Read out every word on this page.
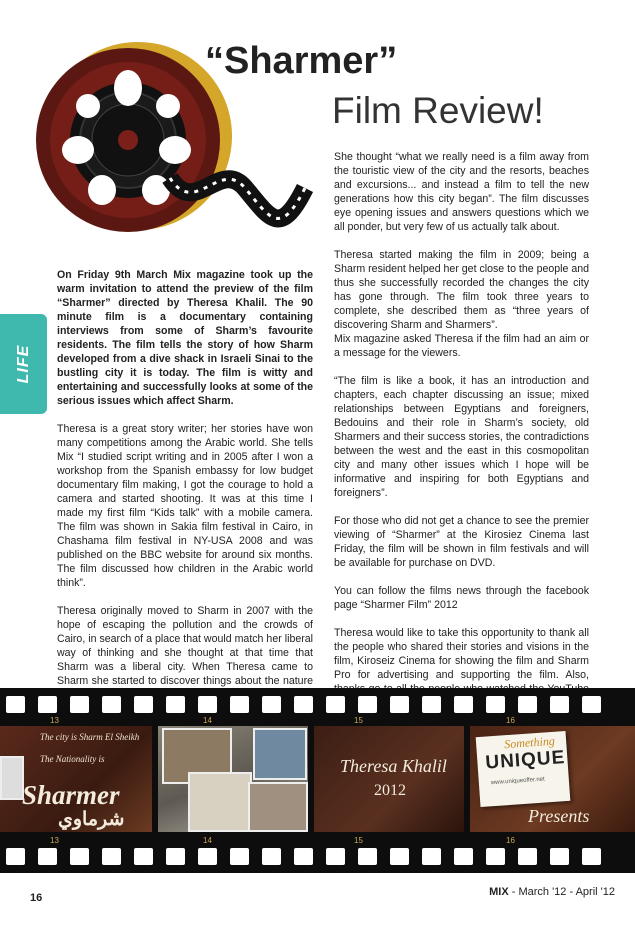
“Sharmer”
Film Review!
LIFE

On Friday 9th March Mix magazine took up the warm invitation to attend the preview of the film “Sharmer” directed by Theresa Khalil. The 90 minute film is a documentary containing interviews from some of Sharm’s favourite residents. The film tells the story of how Sharm developed from a dive shack in Israeli Sinai to the bustling city it is today. The film is witty and entertaining and successfully looks at some of the serious issues which affect Sharm.

Theresa is a great story writer; her stories have won many competitions among the Arabic world. She tells Mix “I studied script writing and in 2005 after I won a workshop from the Spanish embassy for low budget documentary film making, I got the courage to hold a camera and started shooting. It was at this time I made my first film “Kids talk” with a mobile camera. The film was shown in Sakia film festival in Cairo, in Chashama film festival in NY-USA 2008 and was published on the BBC website for around six months. The film discussed how children in the Arabic world think”.

Theresa originally moved to Sharm in 2007 with the hope of escaping the pollution and the crowds of Cairo, in search of a place that would match her liberal way of thinking and she thought at that time that Sharm was a liberal city. When Theresa came to Sharm she started to discover things about the nature

She thought “what we really need is a film away from the touristic view of the city and the resorts, beaches and excursions... and instead a film to tell the new generations how this city began”. The film discusses eye opening issues and answers questions which we all ponder, but very few of us actually talk about.

Theresa started making the film in 2009; being a Sharm resident helped her get close to the people and thus she successfully recorded the changes the city has gone through. The film took three years to complete, she described them as “three years of discovering Sharm and Sharmers”.

Mix magazine asked Theresa if the film had an aim or a message for the viewers.

“The film is like a book, it has an introduction and chapters, each chapter discussing an issue; mixed relationships between Egyptians and foreigners, Bedouins and their role in Sharm’s society, old Sharmers and their success stories, the contradictions between the west and the east in this cosmopolitan city and many other issues which I hope will be informative and inspiring for both Egyptians and foreigners”.

For those who did not get a chance to see the premier viewing of “Sharmer” at the Kirosiez Cinema last Friday, the film will be shown in film festivals and will be available for purchase on DVD.

You can follow the films news through the facebook page “Sharmer Film” 2012

Theresa would like to take this opportunity to thank all the people who shared their stories and visions in the film, Kiroseiz Cinema for showing the film and Sharm Pro for advertising and supporting the film. Also,

13	14	15	16
13	14	15	16
The city is Sharm El Sheikh
The Nationality is
Sharmer
شرماوي
Theresa Khalil
2012
Something
UNIQUE
www.uniqueoffer.net
Presents
16	MIX - March '12 - April '12
